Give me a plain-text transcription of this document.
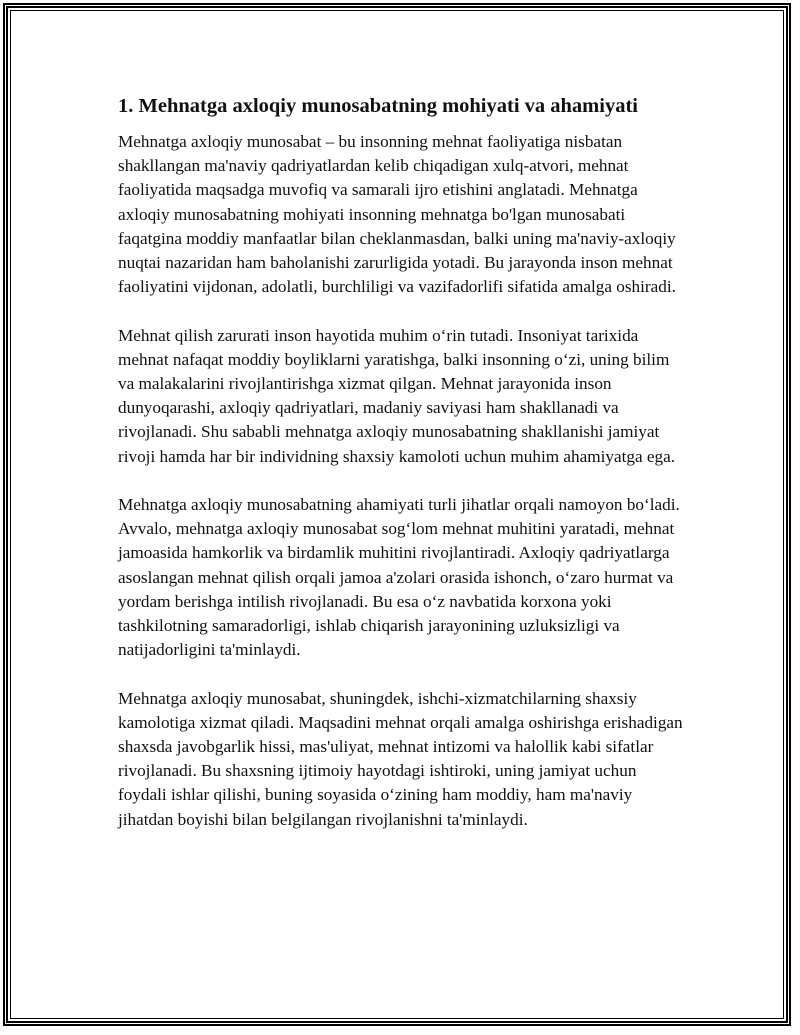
1. Mehnatga axloqiy munosabatning mohiyati va ahamiyati

Mehnatga axloqiy munosabat – bu insonning mehnat faoliyatiga nisbatan shakllangan ma'naviy qadriyatlardan kelib chiqadigan xulq-atvori, mehnat faoliyatida maqsadga muvofiq va samarali ijro etishini anglatadi. Mehnatga axloqiy munosabatning mohiyati insonning mehnatga bo'lgan munosabati faqatgina moddiy manfaatlar bilan cheklanmasdan, balki uning ma'naviy-axloqiy nuqtai nazaridan ham baholanishi zarurligida yotadi. Bu jarayonda inson mehnat faoliyatini vijdonan, adolatli, burchliligi va vazifadorlifi sifatida amalga oshiradi.

Mehnat qilish zarurati inson hayotida muhim o‘rin tutadi. Insoniyat tarixida mehnat nafaqat moddiy boyliklarni yaratishga, balki insonning o‘zi, uning bilim va malakalarini rivojlantirishga xizmat qilgan. Mehnat jarayonida inson dunyoqarashi, axloqiy qadriyatlari, madaniy saviyasi ham shakllanadi va rivojlanadi. Shu sababli mehnatga axloqiy munosabatning shakllanishi jamiyat rivoji hamda har bir individning shaxsiy kamoloti uchun muhim ahamiyatga ega.

Mehnatga axloqiy munosabatning ahamiyati turli jihatlar orqali namoyon bo‘ladi. Avvalo, mehnatga axloqiy munosabat sog‘lom mehnat muhitini yaratadi, mehnat jamoasida hamkorlik va birdamlik muhitini rivojlantiradi. Axloqiy qadriyatlarga asoslangan mehnat qilish orqali jamoa a'zolari orasida ishonch, o‘zaro hurmat va yordam berishga intilish rivojlanadi. Bu esa o‘z navbatida korxona yoki tashkilotning samaradorligi, ishlab chiqarish jarayonining uzluksizligi va natijadorligini ta'minlaydi.

Mehnatga axloqiy munosabat, shuningdek, ishchi-xizmatchilarning shaxsiy kamolotiga xizmat qiladi. Maqsadini mehnat orqali amalga oshirishga erishadigan shaxsda javobgarlik hissi, mas'uliyat, mehnat intizomi va halollik kabi sifatlar rivojlanadi. Bu shaxsning ijtimoiy hayotdagi ishtiroki, uning jamiyat uchun foydali ishlar qilishi, buning soyasida o‘zining ham moddiy, ham ma'naviy jihatdan boyishi bilan belgilangan rivojlanishni ta'minlaydi.
